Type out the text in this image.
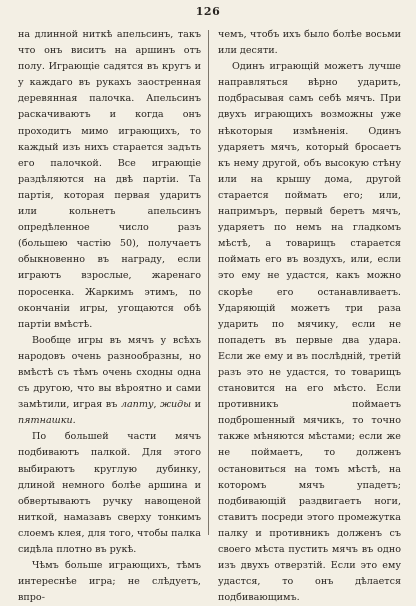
126

на длинной ниткѣ апельсинъ, такъ что онъ виситъ на аршинъ отъ полу. Играющіе садятся въ кругъ и у каждаго въ рукахъ заостренная деревянная палочка. Апельсинъ раскачиваютъ и когда онъ проходитъ мимо играющихъ, то каждый изъ нихъ старается задъть его палочкой. Все играющіе раздѣляются на двѣ партіи. Та партія, которая первая ударитъ или кольнетъ апельсинъ опредѣленное число разъ (большею частію 50), получаетъ обыкновенно въ награду, если играютъ взрослые, жаренаго поросенка. Жаркимъ этимъ, по окончаніи игры, угощаются обѣ партіи вмѣстѣ.

Вообще игры въ мячъ у всѣхъ народовъ очень разнообразны, но вмѣстѣ съ тѣмъ очень сходны одна съ другою, что вы вѣроятно и сами замѣтили, играя въ лапту, жиды и пятнашки.

По большей части мячъ подбиваютъ палкой. Для этого выбираютъ круглую дубинку, длиной немного болѣе аршина и обвертываютъ ручку навощеной ниткой, намазавъ сверху тонкимъ слоемъ клея, для того, чтобы палка сидѣла плотно въ рукѣ.

Чѣмъ больше играющихъ, тѣмъ интереснѣе игра; не слѣдуетъ, впро-

чемъ, чтобъ ихъ было болѣе восьми или десяти.

Одинъ играющій можетъ лучше направляться вѣрно ударить, подбрасывая самъ себѣ мячъ. При двухъ играющихъ возможны уже нѣкоторыя измѣненія. Одинъ ударяетъ мячъ, который бросаетъ къ нему другой, объ высокую стѣну или на крышу дома, другой старается поймать его; или, напримъръ, первый беретъ мячъ, ударяетъ по немъ на гладкомъ мѣстѣ, а товарищъ старается поймать его въ воздухъ, или, если это ему не удастся, какъ можно скорѣе его останавливаетъ. Ударяющій можетъ три раза ударить по мячику, если не попадетъ въ первые два удара. Если же ему и въ послѣдній, третій разъ это не удастся, то товарищъ становится на его мѣсто. Если противникъ поймаетъ подброшенный мячикъ, то точно также мѣняются мѣстами; если же не поймаетъ, то долженъ остановиться на томъ мѣстѣ, на которомъ мячъ упадетъ; подбивающій раздвигаетъ ноги, ставитъ посреди этого промежутка палку и противникъ долженъ съ своего мѣста пустить мячъ въ одно изъ двухъ отверзтій. Если это ему удастся, то онъ дѣлается подбивающимъ.
